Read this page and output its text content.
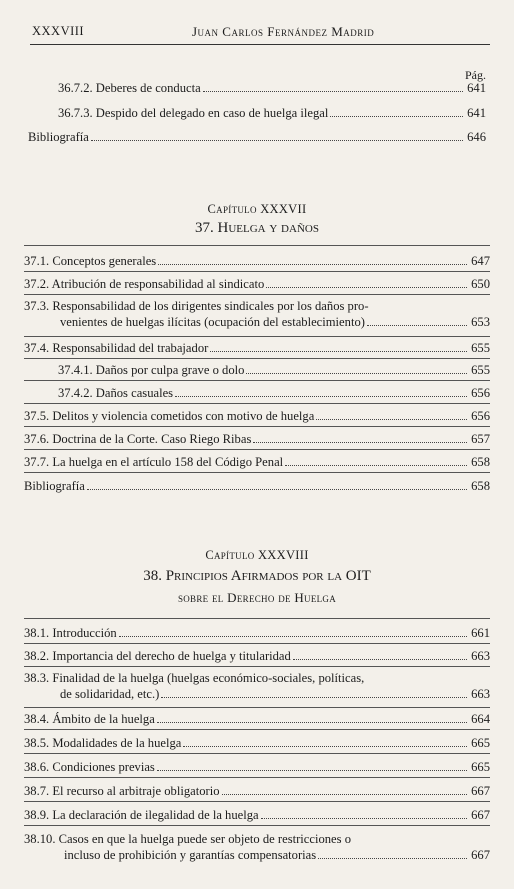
XXXVIII	Juan Carlos Fernández Madrid
Pág.
36.7.2. Deberes de conducta	641
36.7.3. Despido del delegado en caso de huelga ilegal	641
Bibliografía	646
Capítulo XXXVII
37. Huelga y daños
37.1. Conceptos generales	647
37.2. Atribución de responsabilidad al sindicato	650
37.3. Responsabilidad de los dirigentes sindicales por los daños pro-
venientes de huelgas ilícitas (ocupación del establecimiento)	653
37.4. Responsabilidad del trabajador	655
37.4.1. Daños por culpa grave o dolo	655
37.4.2. Daños casuales	656
37.5. Delitos y violencia cometidos con motivo de huelga	656
37.6. Doctrina de la Corte. Caso Riego Ribas	657
37.7. La huelga en el artículo 158 del Código Penal	658
Bibliografía	658
Capítulo XXXVIII
38. Principios Afirmados por la OIT
sobre el Derecho de Huelga
38.1. Introducción	661
38.2. Importancia del derecho de huelga y titularidad	663
38.3. Finalidad de la huelga (huelgas económico-sociales, políticas,
de solidaridad, etc.)	663
38.4. Ámbito de la huelga	664
38.5. Modalidades de la huelga	665
38.6. Condiciones previas	665
38.7. El recurso al arbitraje obligatorio	667
38.9. La declaración de ilegalidad de la huelga	667
38.10. Casos en que la huelga puede ser objeto de restricciones o
incluso de prohibición y garantías compensatorias	667
